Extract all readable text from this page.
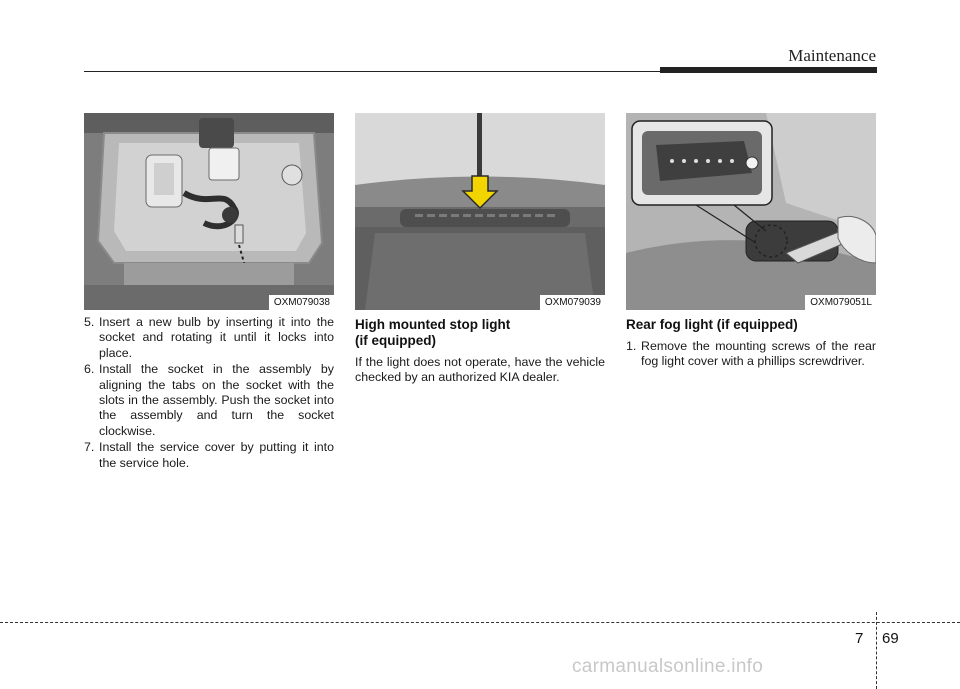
Maintenance
OXM079038	OXM079039	OXM079051L
5. Insert a new bulb by inserting it into the socket and rotating it until it locks into place.
6. Install the socket in the assembly by aligning the tabs on the socket with the slots in the assembly. Push the socket into the assembly and turn the socket clockwise.
7. Install the service cover by putting it into the service hole.
High mounted stop light
(if equipped)

If the light does not operate, have the vehicle checked by an authorized KIA dealer.

Rear fog light (if equipped)
1. Remove the mounting screws of the rear fog light cover with a phillips screwdriver.
7 69
carmanualsonline.info
